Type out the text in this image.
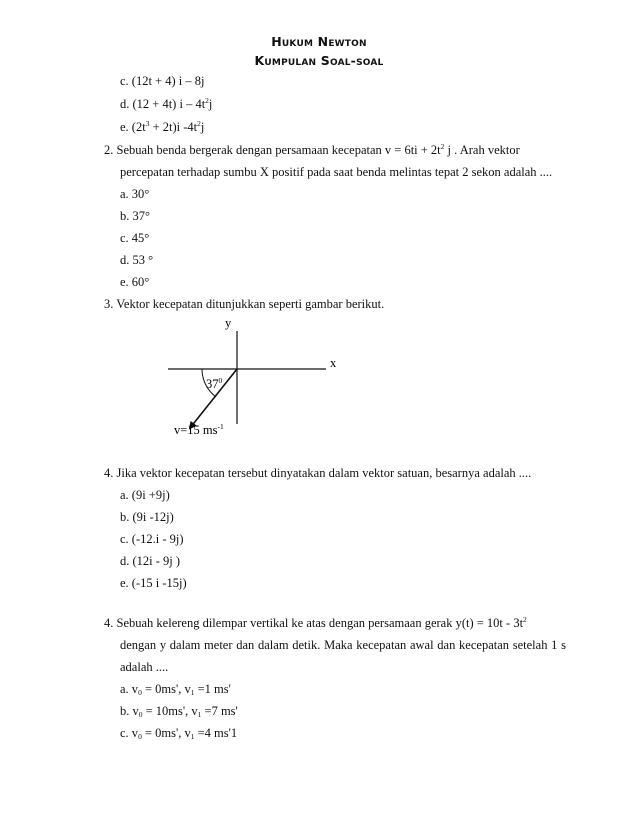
Hukum Newton
Kumpulan Soal-soal
c. (12t + 4) i – 8j
d. (12 + 4t) i – $4t^2j$
e. $(2t^3 + 2t)i$ $-4t^2j$
2. Sebuah benda bergerak dengan persamaan kecepatan $v = 6ti + 2t^2$ j . Arah vektor
percepatan terhadap sumbu X positif pada saat benda melintas tepat 2 sekon adalah ....
a. 30°
b. 37°
c. 45°
d. 53 °
e. 60°
3. Vektor kecepatan ditunjukkan seperti gambar berikut.
y
x
$37^0$
v=15 $ms^{-1}$
4. Jika vektor kecepatan tersebut dinyatakan dalam vektor satuan, besarnya adalah ....
a. (9i +9j)
b. (9i -12j)
c. (-12.i - 9j)
d. (12i - 9j )
e. (-15 i -15j)
4. Sebuah kelereng dilempar vertikal ke atas dengan persamaan gerak $y(t) = 10t - 3t^2$
dengan y dalam meter dan dalam detik. Maka kecepatan awal dan kecepatan setelah 1 s
adalah ....
a. $v_0 = 0ms'$, $v_1 =1$ ms'
b. $v_0 = 10ms'$, $v_1 =7$ ms'
c. $v_0 = 0ms'$, $v_1 =4$ ms'1
